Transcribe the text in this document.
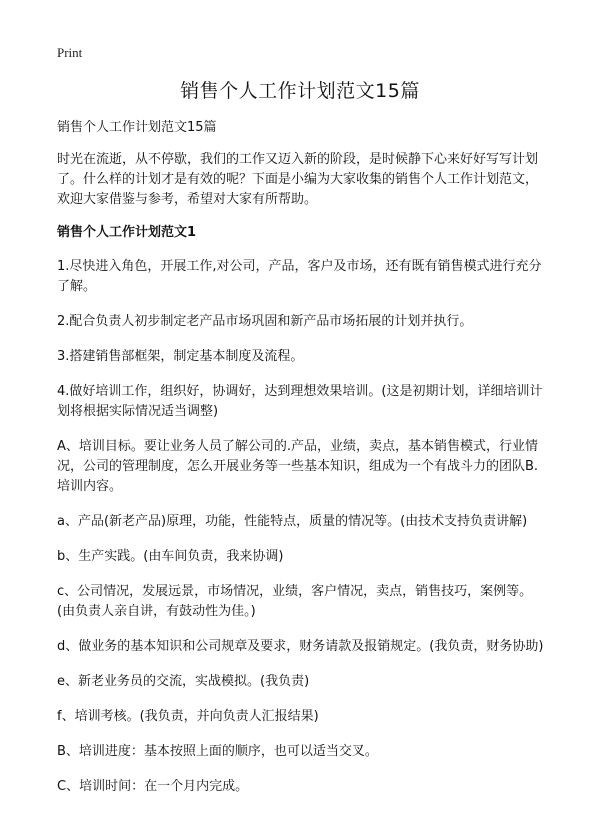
Print
销售个人工作计划范文15篇

销售个人工作计划范文15篇

时光在流逝，从不停歇，我们的工作又迈入新的阶段，是时候静下心来好好写写计划了。什么样的计划才是有效的呢？下面是小编为大家收集的销售个人工作计划范文，欢迎大家借鉴与参考，希望对大家有所帮助。

销售个人工作计划范文1

1.尽快进入角色，开展工作,对公司，产品，客户及市场，还有既有销售模式进行充分了解。

2.配合负责人初步制定老产品市场巩固和新产品市场拓展的计划并执行。

3.搭建销售部框架，制定基本制度及流程。

4.做好培训工作，组织好，协调好，达到理想效果培训。(这是初期计划，详细培训计划将根据实际情况适当调整)

A、培训目标。要让业务人员了解公司的.产品，业绩，卖点，基本销售模式，行业情况，公司的管理制度，怎么开展业务等一些基本知识，组成为一个有战斗力的团队B.培训内容。

a、产品(新老产品)原理，功能，性能特点，质量的情况等。(由技术支持负责讲解)

b、生产实践。(由车间负责，我来协调)

c、公司情况，发展远景，市场情况，业绩，客户情况，卖点，销售技巧，案例等。(由负责人亲自讲，有鼓动性为佳。)

d、做业务的基本知识和公司规章及要求，财务请款及报销规定。(我负责，财务协助)

e、新老业务员的交流，实战模拟。(我负责)

f、培训考核。(我负责，并向负责人汇报结果)

B、培训进度：基本按照上面的顺序，也可以适当交叉。

C、培训时间：在一个月内完成。
